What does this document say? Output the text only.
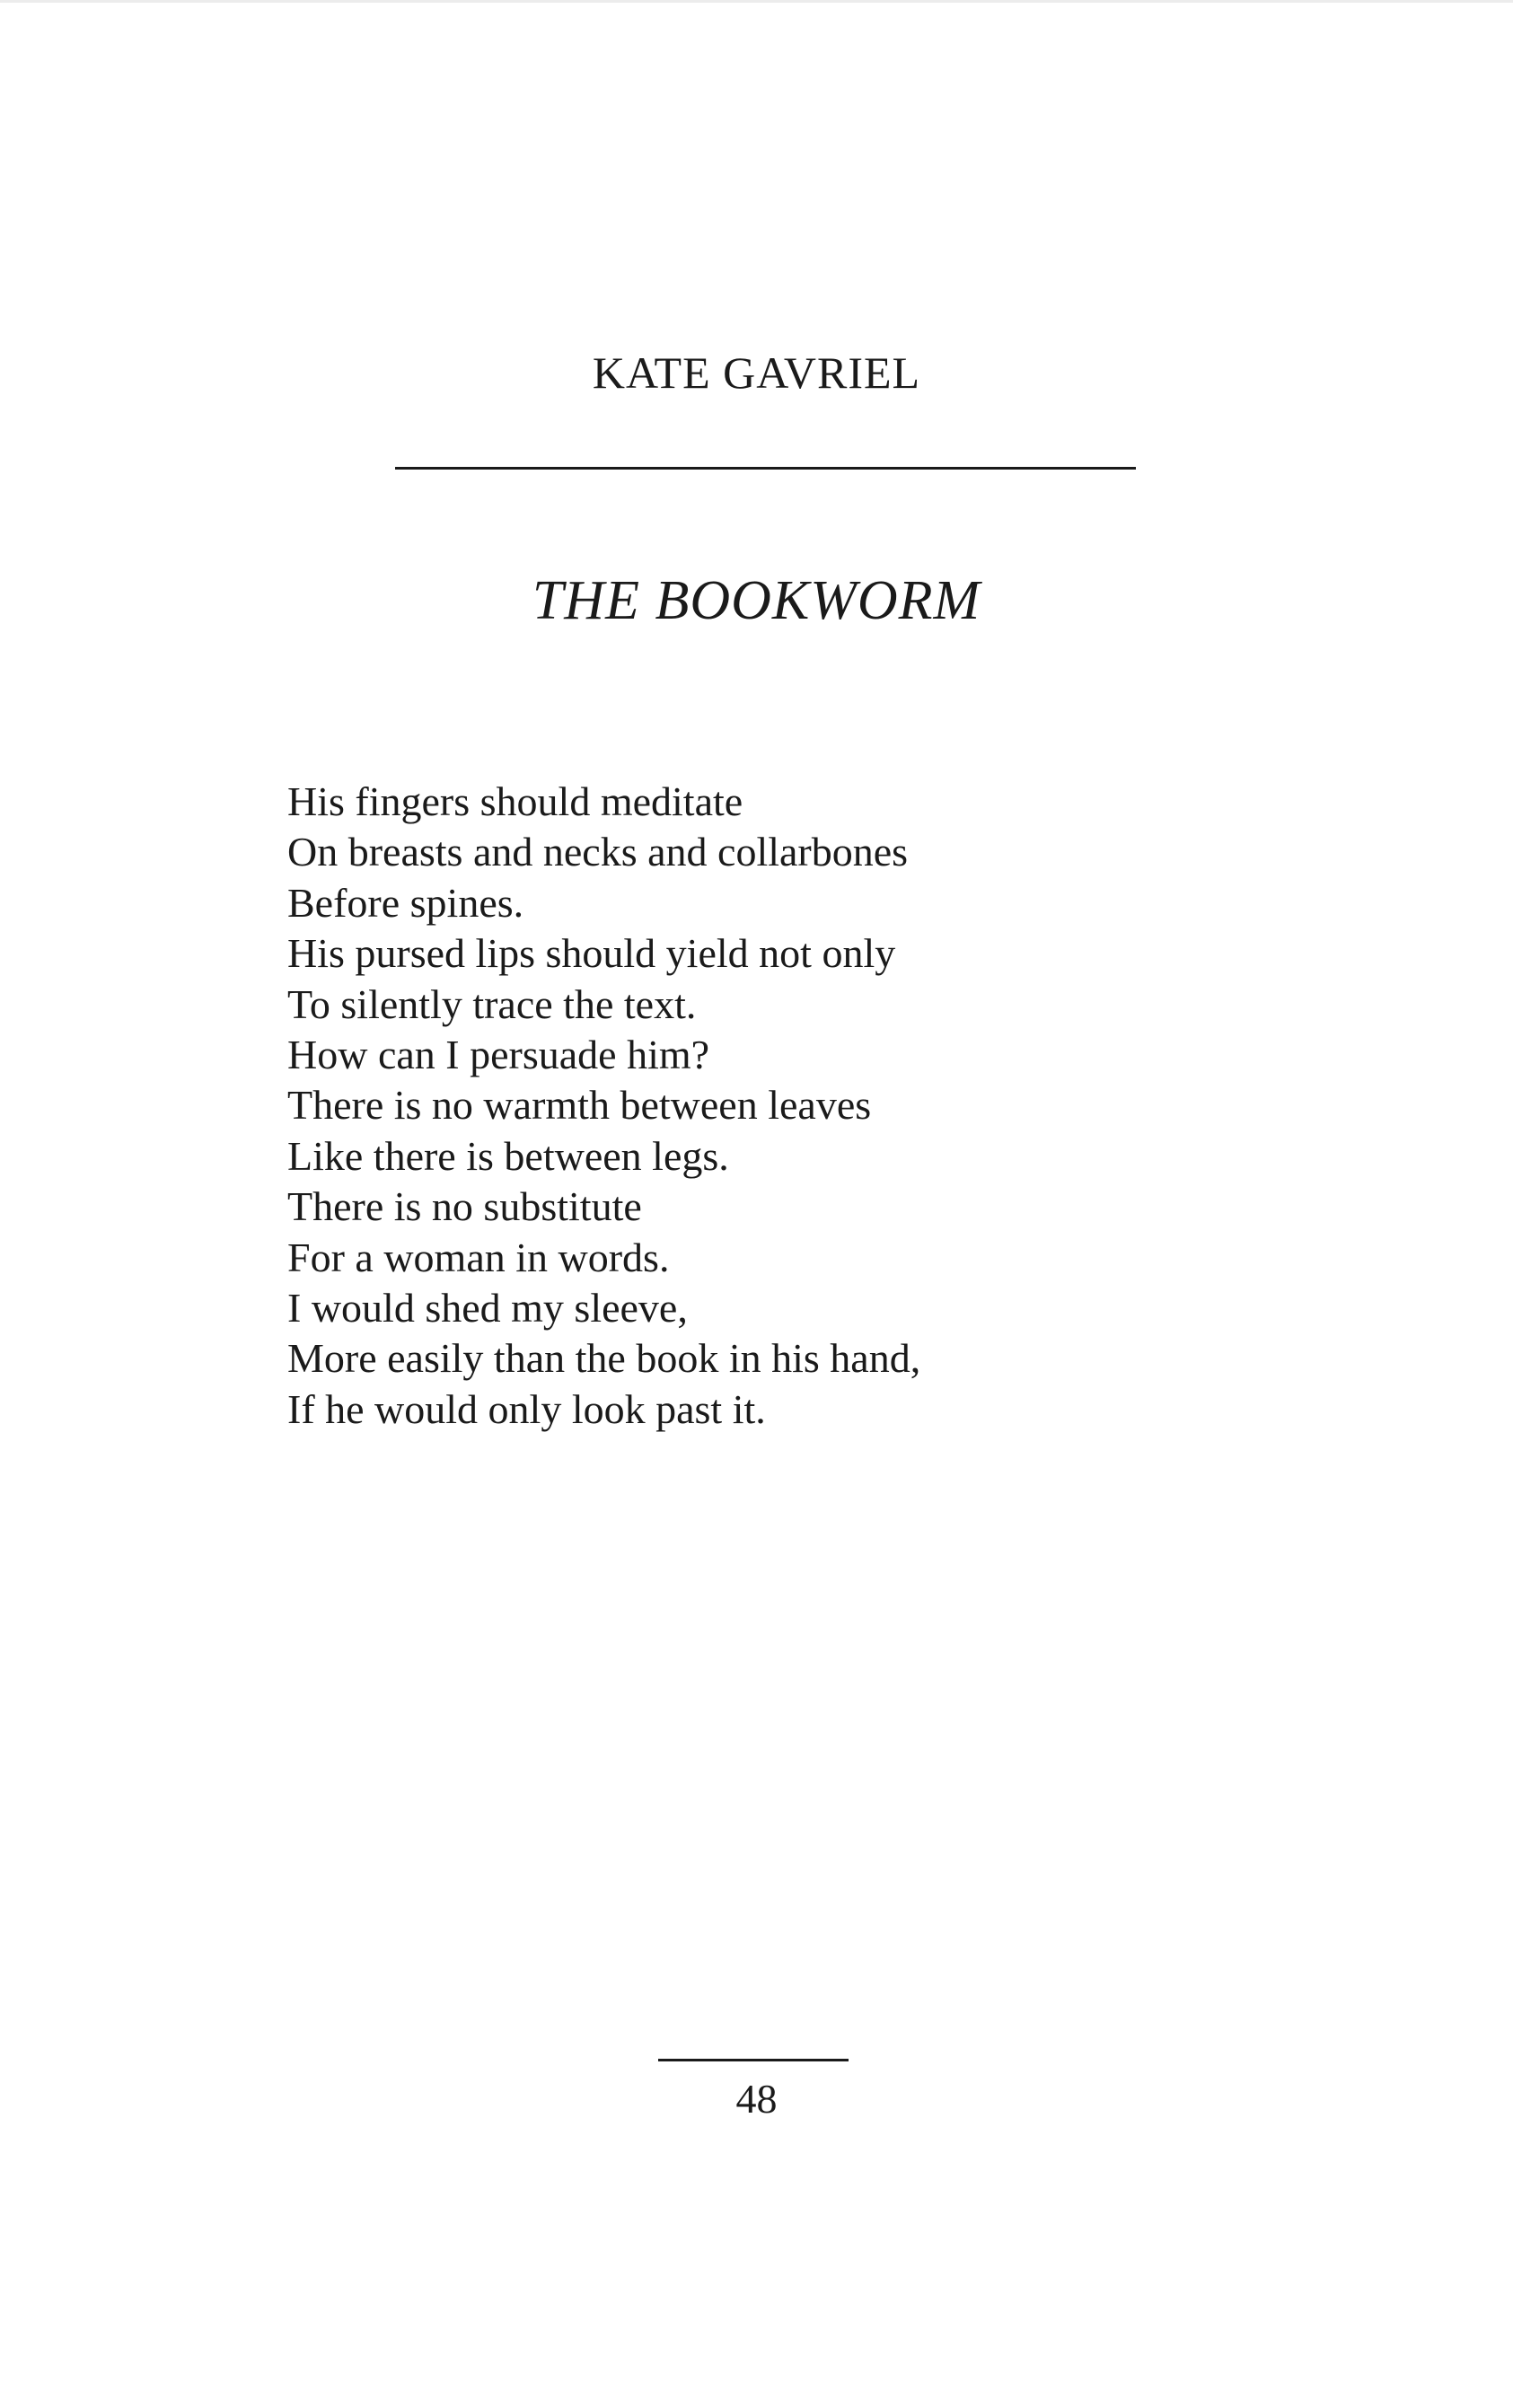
KATE GAVRIEL
THE BOOKWORM
His fingers should meditate
On breasts and necks and collarbones
Before spines.
His pursed lips should yield not only
To silently trace the text.
How can I persuade him?
There is no warmth between leaves
Like there is between legs.
There is no substitute
For a woman in words.
I would shed my sleeve,
More easily than the book in his hand,
If he would only look past it.
48
